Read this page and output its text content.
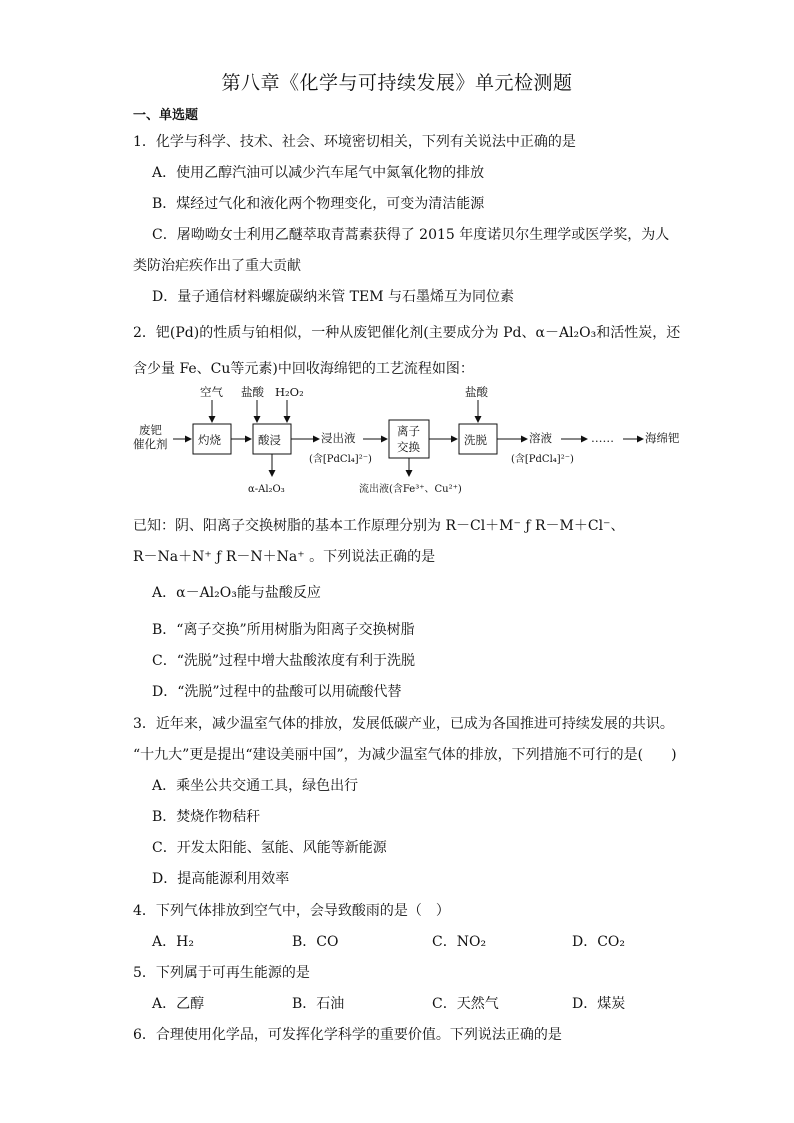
第八章《化学与可持续发展》单元检测题
一、单选题
1．化学与科学、技术、社会、环境密切相关，下列有关说法中正确的是
A．使用乙醇汽油可以减少汽车尾气中氮氧化物的排放
B．煤经过气化和液化两个物理变化，可变为清洁能源
C．屠呦呦女士利用乙醚萃取青蒿素获得了 2015 年度诺贝尔生理学或医学奖，为人
类防治疟疾作出了重大贡献
D．量子通信材料螺旋碳纳米管 TEM 与石墨烯互为同位素
2．钯(Pd)的性质与铂相似，一种从废钯催化剂(主要成分为 Pd、α－Al₂O₃和活性炭，还
含少量 Fe、Cu等元素)中回收海绵钯的工艺流程如图：
废钯
催化剂	灼烧
空气
酸浸
盐酸 H₂O₂
α-Al₂O₃
浸出液
(含[PdCl₄]²⁻)
离子
交换
流出液(含Fe³⁺、Cu²⁺)
洗脱
盐酸
溶液
(含[PdCl₄]²⁻)
……	海绵钯
已知：阴、阳离子交换树脂的基本工作原理分别为 R－Cl＋M⁻ ƒ R－M＋Cl⁻、
R－Na＋N⁺ ƒ R－N＋Na⁺ 。下列说法正确的是
A．α－Al₂O₃能与盐酸反应
B．“离子交换”所用树脂为阳离子交换树脂
C．“洗脱”过程中增大盐酸浓度有利于洗脱
D．“洗脱”过程中的盐酸可以用硫酸代替
3．近年来，减少温室气体的排放，发展低碳产业，已成为各国推进可持续发展的共识。
“十九大”更是提出“建设美丽中国”，为减少温室气体的排放，下列措施不可行的是(　　)
A．乘坐公共交通工具，绿色出行
B．焚烧作物秸秆
C．开发太阳能、氢能、风能等新能源
D．提高能源利用效率
4．下列气体排放到空气中，会导致酸雨的是（　）
A．H₂	B．CO	C．NO₂	D．CO₂
5．下列属于可再生能源的是
A．乙醇	B．石油	C．天然气	D．煤炭
6．合理使用化学品，可发挥化学科学的重要价值。下列说法正确的是
